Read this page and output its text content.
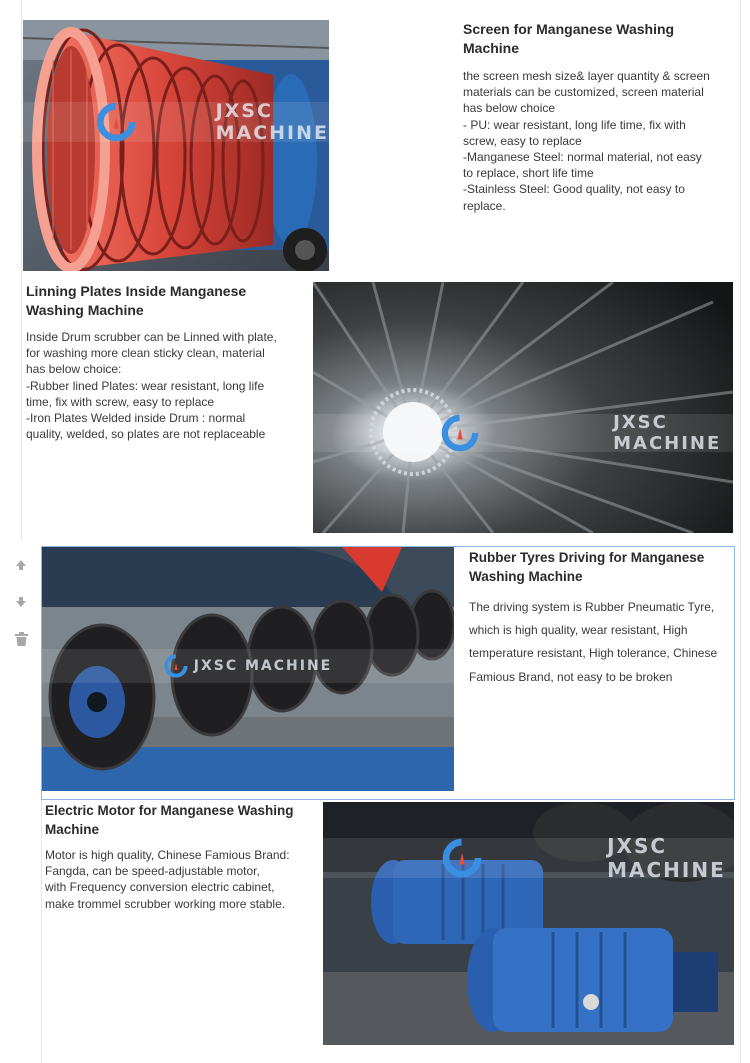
JXSC MACHINE
Screen for Manganese Washing
Machine
the screen mesh size& layer quantity & screen
materials can be customized, screen material
has below choice
- PU: wear resistant, long life time, fix with
screw, easy to replace
-Manganese Steel: normal material, not easy
to replace, short life time
-Stainless Steel: Good quality, not easy to
replace.
Linning Plates Inside Manganese
Washing Machine
Inside Drum scrubber can be Linned with plate,
for washing more clean sticky clean, material
has below choice:
-Rubber lined Plates: wear resistant, long life
time, fix with screw, easy to replace
-Iron Plates Welded inside Drum : normal
quality, welded, so plates are not replaceable
JXSC MACHINE
JXSC MACHINE
Rubber Tyres Driving for Manganese
Washing Machine
The driving system is Rubber Pneumatic Tyre,
which is high quality, wear resistant, High
temperature resistant, High tolerance, Chinese
Famious Brand, not easy to be broken
Electric Motor for Manganese Washing
Machine
Motor is high quality, Chinese Famious Brand:
Fangda, can be speed-adjustable motor,
with Frequency conversion electric cabinet,
make trommel scrubber working more stable.
JXSC MACHINE
